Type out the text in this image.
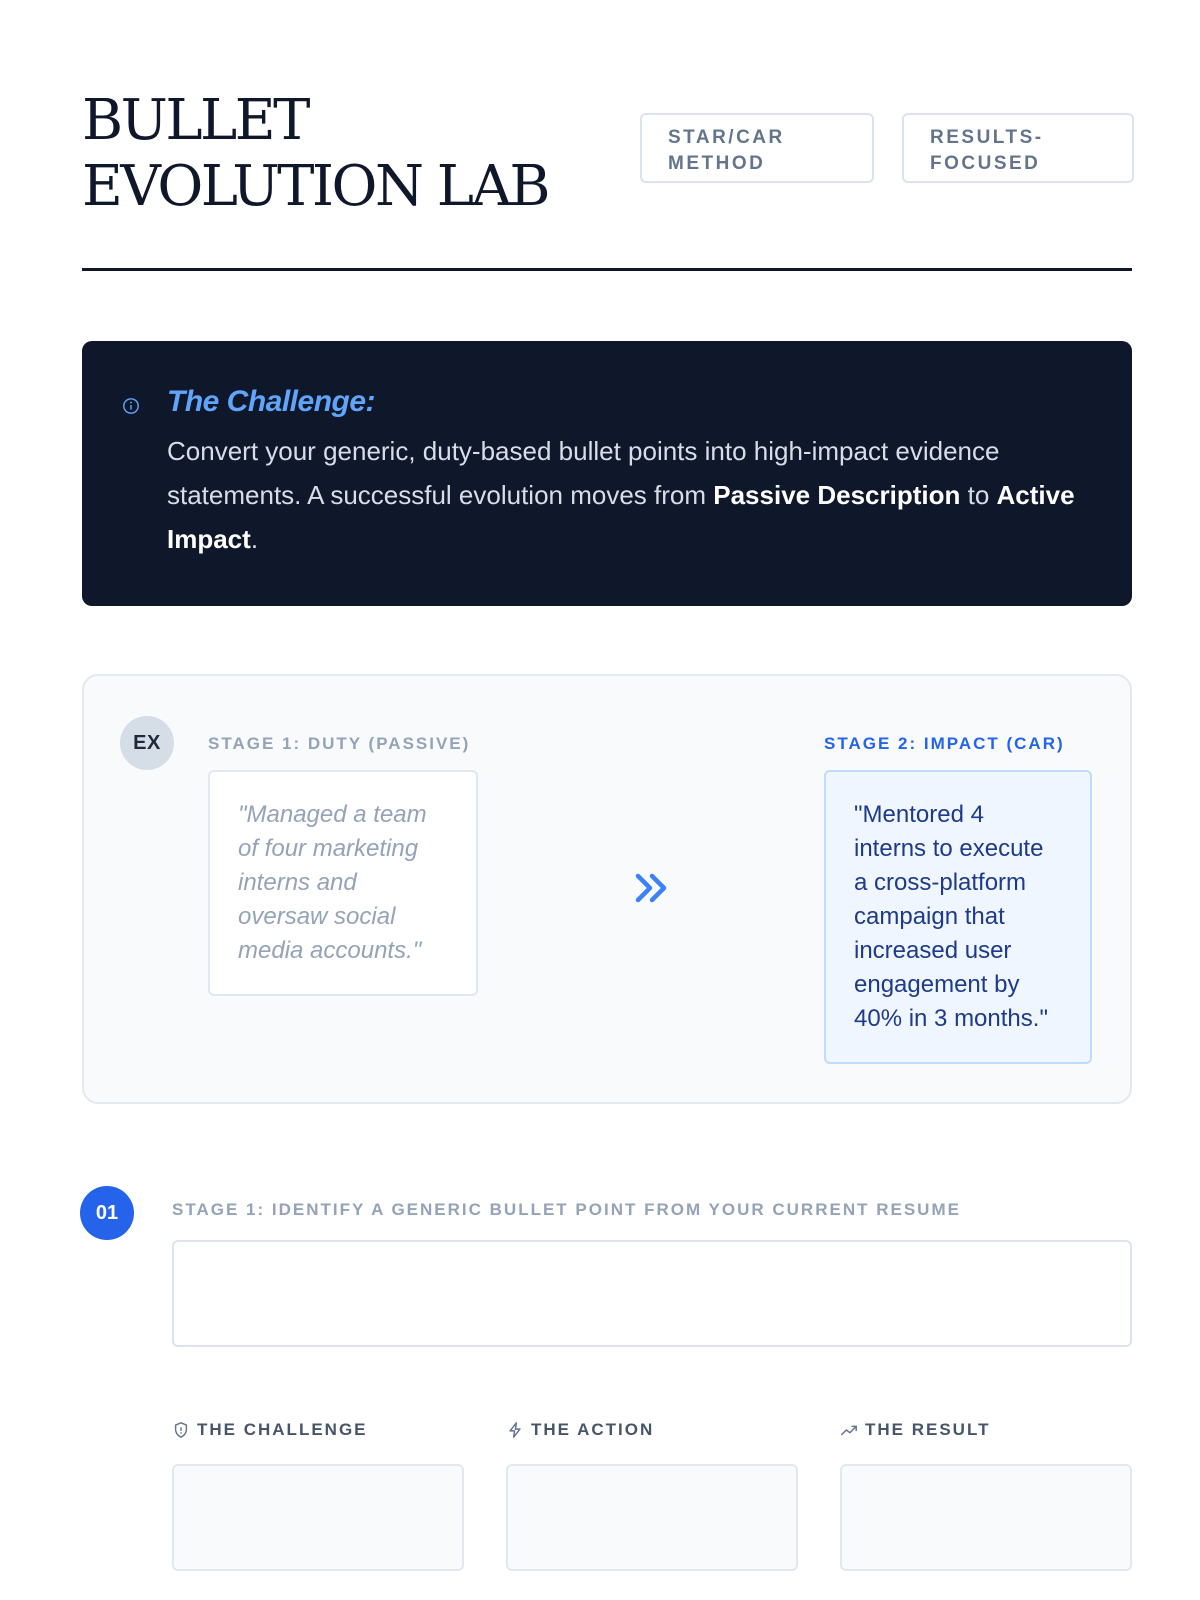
BULLET EVOLUTION LAB
STAR/CAR METHOD
RESULTS-FOCUSED
The Challenge:

Convert your generic, duty-based bullet points into high-impact evidence statements. A successful evolution moves from Passive Description to Active Impact.

EX	STAGE 1: DUTY (PASSIVE)
"Managed a team of four marketing interns and oversaw social media accounts."
STAGE 2: IMPACT (CAR)
"Mentored 4 interns to execute a cross-platform campaign that increased user engagement by 40% in 3 months."
01	STAGE 1: IDENTIFY A GENERIC BULLET POINT FROM YOUR CURRENT RESUME
THE CHALLENGE	THE ACTION	THE RESULT
